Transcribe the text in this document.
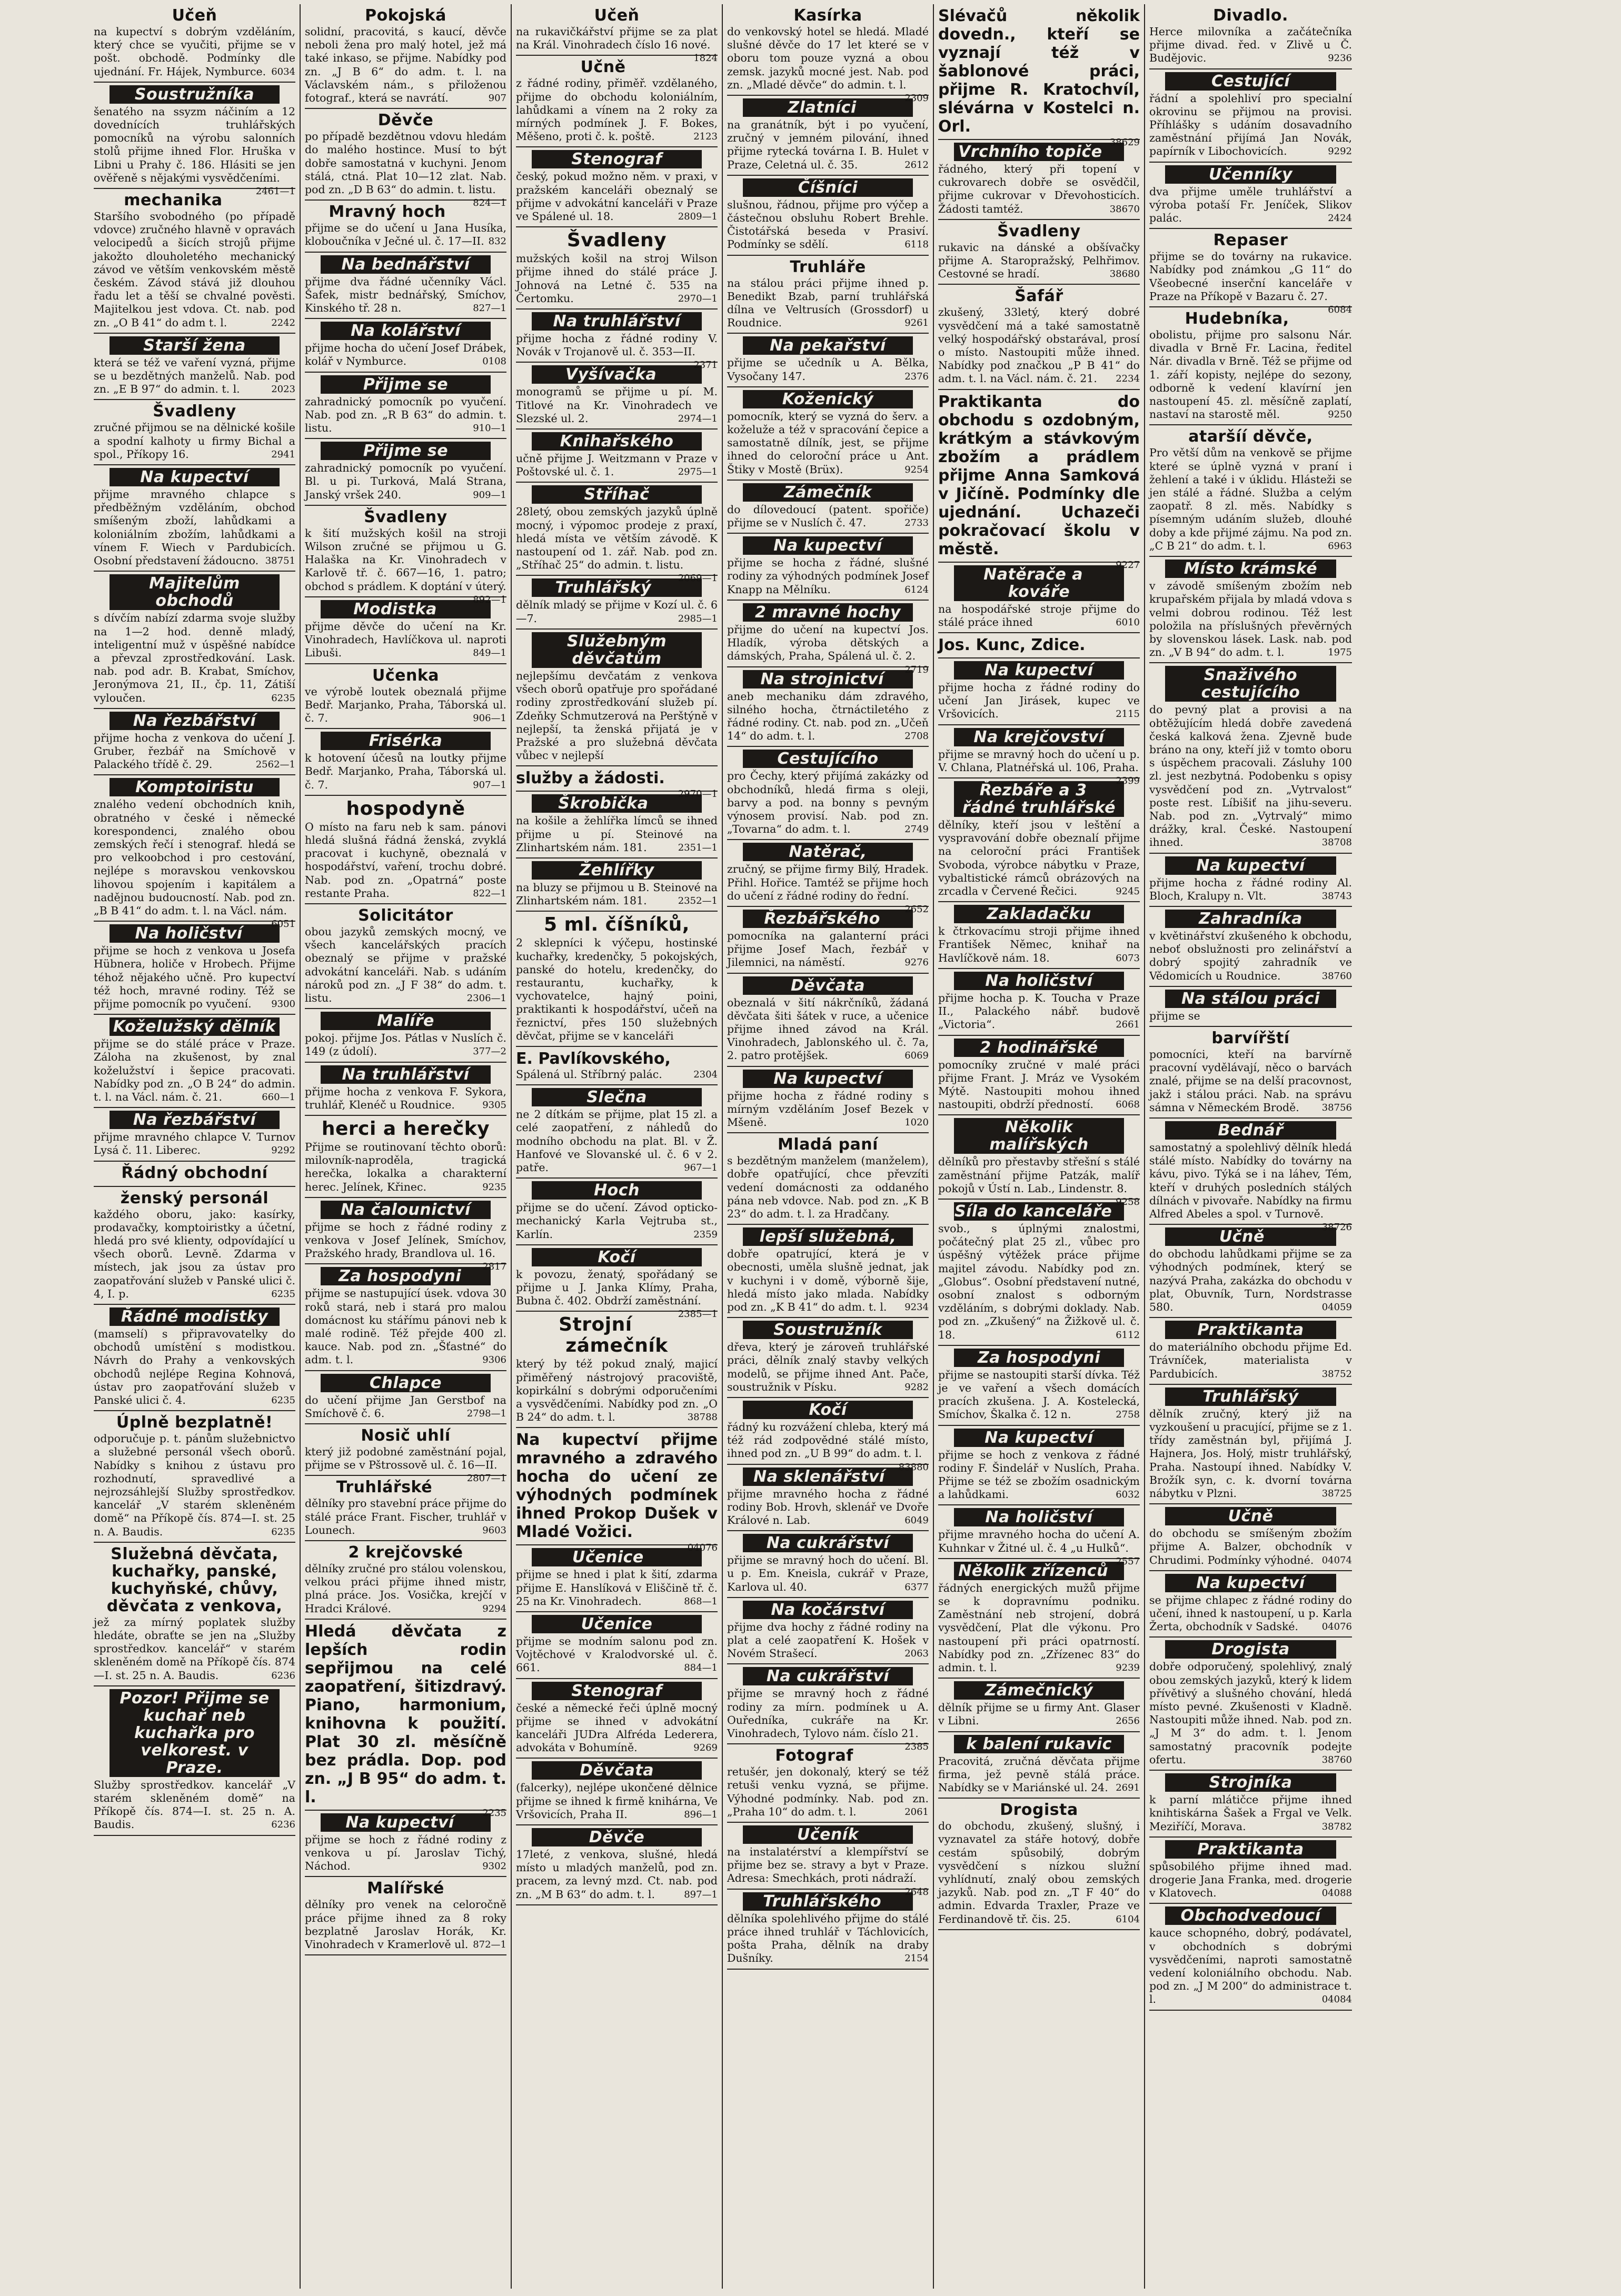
Učeň
na kupectví s dobrým vzděláním, který chce se vyučiti, přijme se v pošt. obchodě. Podmínky dle ujednání. Fr. Hájek, Nymburce. 6034
Soustružníka
šenatého na ssyzm náčiním a 12 dovednících truhlářských pomocníků na výrobu salonních stolů přijme ihned Flor. Hruška v Libni u Prahy č. 186. Hlásiti se jen ověřeně s nějakými vysvědčeními.
2461—1
mechanika
Staršího svobodného (po případě vdovce) zručného hlavně v opravách velocipedů a šicích strojů přijme jakožto dlouholetého mechanický závod ve větším venkovském městě českém. Závod stává již dlouhou řadu let a těší se chvalné pověsti. Majitelkou jest vdova. Ct. nab. pod zn. „O B 41“ do adm t. l.	2242
Starší žena
která se též ve vaření vyzná, přijme se u bezdětných manželů. Nab. pod zn. „E B 97“ do admin. t. l.	2023
Švadleny
zručné přijmou se na dělnické košile a spodní kalhoty u firmy Bichal a spol., Příkopy 16.	2941
Na kupectví
přijme mravného chlapce s předběžným vzděláním, obchod smíšeným zboží, lahůdkami a koloniálním zbožím, lahůdkami a vínem F. Wiech v Pardubicích. Osobní představení žádoucno. 38751
Majitelům obchodů
s dívčím nabízí zdarma svoje služby na 1—2 hod. denně mladý, inteligentní muž v úspěšné nabídce a převzal zprostředkování. Lask. nab. pod adr. B. Krabat, Smíchov, Jeronýmova 21, II., čp. 11, Zátiší vyloučen.	6235
Na řezbářství
přijme hocha z venkova do učení J. Gruber, řezbář na Smíchově v Palackého třídě č. 29.	2562—1
Komptoiristu
znalého vedení obchodních knih, obratného v české i německé korespondenci, znalého obou zemských řečí i stenograf. hledá se pro velkoobchod i pro cestování, nejlépe s moravskou venkovskou lihovou spojením i kapitálem a nadějnou budoucností. Nab. pod zn. „B B 41“ do adm. t. l. na Václ. nám.
6051
Na holičství
přijme se hoch z venkova u Josefa Hübnera, holiče v Hrobech. Přijme téhož nějakého učně. Pro kupectví též hoch, mravné rodiny. Též se přijme pomocník po vyučení.	9300
Koželužský dělník
přijme se do stálé práce v Praze. Záloha na zkušenost, by znal koželužství i šepice pracovati. Nabídky pod zn. „O B 24“ do admin. t. l. na Václ. nám. č. 21.	660—1
Na řezbářství
přijme mravného chlapce V. Turnov Lysá č. 11. Liberec.	9292
Řádný obchodní
ženský personál
každého oboru, jako: kasírky, prodavačky, komptoiristky a účetní, hledá pro své klienty, odpovídající u všech oborů. Levně. Zdarma v místech, jak jsou za ústav pro zaopatřování služeb v Panské ulici č. 4, I. p.	6235
Řádné modistky
(mamselí) s připravovatelky do obchodů umístění s modistkou. Návrh do Prahy a venkovských obchodů nejlépe Regina Kohnová, ústav pro zaopatřování služeb v Panské ulici č. 4.	6235
Úplně bezplatně!
odporučuje p. t. pánům služebnictvo a služebné personál všech oborů. Nabídky s knihou z ústavu pro rozhodnutí, spravedlivé a nejrozsáhlejší Služby sprostředkov. kancelář „V starém skleněném domě“ na Příkopě čís. 874—I. st. 25 n. A. Baudis.	6235
Služebná děvčata, kuchařky, panské, kuchyňské, chůvy, děvčata z venkova,
jež za mírný poplatek služby hledáte, obraťte se jen na „Služby sprostředkov. kancelář“ v starém skleněném domě na Příkopě čís. 874—I. st. 25 n. A. Baudis.	6236
Pozor! Přijme se kuchař neb kuchařka pro velkorest. v Praze.
Služby sprostředkov. kancelář „V starém skleněném domě“ na Příkopě čís. 874—I. st. 25 n. A. Baudis.	6236
Pokojská
solidní, pracovitá, s kaucí, děvče neboli žena pro malý hotel, jež má také inkaso, se přijme. Nabídky pod zn. „J B 6“ do adm. t. l. na Václavském nám., s přiloženou fotograf., která se navrátí.	907
Děvče
po případě bezdětnou vdovu hledám do malého hostince. Musí to být dobře samostatná v kuchyni. Jenom stálá, ctná. Plat 10—12 zlat. Nab. pod zn. „D B 63“ do admin. t. listu.
824—1
Mravný hoch
přijme se do učení u Jana Husíka, kloboučníka v Ječné ul. č. 17—II. 832
Na bednářství
přijme dva řádné učenníky Václ. Šafek, mistr bednářský, Smíchov, Kinského tř. 28 n.	827—1
Na kolářství
přijme hocha do učení Josef Drábek, kolář v Nymburce.	0108
Přijme se
zahradnický pomocník po vyučení. Nab. pod zn. „R B 63“ do admin. t. listu.	910—1
Přijme se
zahradnický pomocník po vyučení. Bl. u pi. Turková, Malá Strana, Janský vršek 240.	909—1
Švadleny
k šití mužských košil na stroji Wilson zručné se přijmou u G. Halaška na Kr. Vinohradech v Karlově tř. č. 667—16, 1. patro; obchod s prádlem. K doptání v úterý.
892—1
Modistka
přijme děvče do učení na Kr. Vinohradech, Havlíčkova ul. naproti Libuši.	849—1
Učenka
ve výrobě loutek obeznalá přijme Bedř. Marjanko, Praha, Táborská ul. č. 7.	906—1
Frisérka
k hotovení účesů na loutky přijme Bedř. Marjanko, Praha, Táborská ul. č. 7.	907—1
hospodyně
O místo na faru neb k sam. pánovi hledá slušná řádná ženská, zvyklá pracovat i kuchyně, obeznalá v hospodářství, vaření, trochu dobré. Nab. pod zn. „Opatrná“ poste restante Praha.	822—1
Solicitátor
obou jazyků zemských mocný, ve všech kancelářských pracích obeznalý se přijme v pražské advokátní kanceláři. Nab. s udáním nároků pod zn. „J F 38“ do adm. t. listu.	2306—1
Malíře
pokoj. přijme Jos. Pátlas v Nuslích č. 149 (z údolí).	377—2
Na truhlářství
přijme hocha z venkova F. Sykora, truhlář, Klenéč u Roudnice.	9305
herci a herečky
Přijme se routinovaní těchto oborů: milovník-naproděla, tragická herečka, lokalka a charakterní herec. Jelínek, Křinec.	9235
Na čalounictví
přijme se hoch z řádné rodiny z venkova v Josef Jelínek, Smíchov, Pražského hrady, Brandlova ul. 16.
2817
Za hospodyni
přijme se nastupující úsek. vdova 30 roků stará, neb i stará pro malou domácnost ku stářímu pánovi neb k malé rodině. Též přejde 400 zl. kauce. Nab. pod zn. „Šťastné“ do adm. t. l.	9306
Chlapce
do učení přijme Jan Gerstbof na Smíchově č. 6.	2798—1
Nosič uhlí
který již podobné zaměstnání pojal, přijme se v Pštrossově ul. č. 16—II.
2807—1
Truhlářské
dělníky pro stavební práce přijme do stálé práce Frant. Fischer, truhlář v Lounech.	9603
2 krejčovské
dělníky zručné pro stálou volenskou, velkou práci přijme ihned mistr, plná práce. Jos. Vosička, krejčí v Hradci Králové.	9294
Hledá děvčata z lepších rodin sepřijmou na celé zaopatření, šitizdravý. Piano, harmonium, knihovna k použití. Plat 30 zl. měsíčně bez prádla. Dop. pod zn. „J B 95“ do adm. t. l.
2235
Na kupectví
přijme se hoch z řádné rodiny z venkova u pí. Jaroslav Tichý, Náchod.	9302
Malířské
dělníky pro venek na celoročně práce přijme ihned za 8 roky bezplatně Jaroslav Horák, Kr. Vinohradech v Kramerlově ul. 872—1
Učeň
na rukavičkářství přijme se za plat na Král. Vinohradech číslo 16 nové.
1824
Učně
z řádné rodiny, přiměř. vzdělaného, přijme do obchodu koloniálním, lahůdkami a vínem na 2 roky za mírných podmínek J. F. Bokes, Měšeno, proti č. k. poště.	2123
Stenograf
český, pokud možno něm. v praxi, v pražském kanceláři obeznalý se přijme v advokátní kanceláři v Praze ve Spálené ul. 18.	2809—1
Švadleny
mužských košil na stroj Wilson přijme ihned do stálé práce J. Johnová na Letné č. 535 na Čertomku.	2970—1
Na truhlářství
přijme hocha z řádné rodiny V. Novák v Trojanově ul. č. 353—II.
2371
Vyšívačka
monogramů se přijme u pí. M. Titlové na Kr. Vinohradech ve Slezské ul. 2.	2974—1
Knihařského
učně přijme J. Weitzmann v Praze v Poštovské ul. č. 1.	2975—1
Stříhač
28letý, obou zemských jazyků úplně mocný, i výpomoc prodeje z praxí, hledá místa ve větším závodě. K nastoupení od 1. zář. Nab. pod zn. „Stříhač 25“ do admin. t. listu.
2069—1
Truhlářský
dělník mladý se přijme v Kozí ul. č. 6—7.	2985—1
Služebným děvčatům
nejlepšímu devčatám z venkova všech oborů opatřuje pro spořádané rodiny zprostředkování služeb pí. Zdeňky Schmutzerová na Perštýně v nejlepší, ta ženská přijatá je v Pražské a pro služebná děvčata vůbec v nejlepší
služby a žádosti.
2970—1
Škrobička
na košile a žehlířka límců se ihned přijme u pí. Steinové na Zlinhartském nám. 181.	2351—1
Žehlířky
na bluzy se přijmou u B. Steinové na Zlinhartském nám. 181.	2352—1
5 ml. číšníků,
2 sklepníci k výčepu, hostinské kuchařky, kredenčky, 5 pokojských, panské do hotelu, kredenčky, do restaurantu, kuchařky, k vychovatelce, hajný poini, praktikanti k hospodářství, učeň na řeznictví, přes 150 služebných děvčat, přijme se v kanceláři
E. Pavlíkovského,
Spálená ul. Stříbrný palác.	2304
Slečna
ne 2 dítkám se přijme, plat 15 zl. a celé zaopatření, z náhledů do modního obchodu na plat. Bl. v Ž. Hanfové ve Slovanské ul. č. 6 v 2. patře.	967—1
Hoch
přijme se do učení. Závod opticko-mechanický Karla Vejtruba st., Karlín.	2359
Kočí
k povozu, ženatý, spořádaný se přijme u J. Janka Klímy, Praha, Bubna č. 402. Obdrží zaměstnání.
2385—1
Strojní zámečník
který by též pokud znalý, majicí přiměřený nástrojový pracoviště, kopirkální s dobrými odporučeními a vysvědčeními. Nabídky pod zn. „O B 24“ do adm. t. l.	38788
Na kupectví přijme mravného a zdravého hocha do učení ze výhodných podmínek ihned Prokop Dušek v Mladé Vožici.
04076
Učenice
přijme se hned i plat k šití, zdarma přijme E. Hanslíková v Eliščině tř. č. 25 na Kr. Vinohradech.	868—1
Učenice
přijme se modním salonu pod zn. Vojtěchové v Kralodvorské ul. č. 661.	884—1
Stenograf
české a německé řeči úplně mocný přijme se ihned v advokátní kanceláři JUDra Alfréda Lederera, advokáta v Bohumíně.	9269
Děvčata
(falcerky), nejlépe ukončené dělnice přijme se ihned k firmě knihárna, Ve Vršovicích, Praha II.	896—1
Děvče
17leté, z venkova, slušné, hledá místo u mladých manželů, pod zn. pracem, za levný mzd. Ct. nab. pod zn. „M B 63“ do adm. t. l.	897—1
Kasírka
do venkovský hotel se hledá. Mladé slušné děvče do 17 let které se v oboru tom pouze vyzná a obou zemsk. jazyků mocné jest. Nab. pod zn. „Mladé děvče“ do admin. t. l.
2309
Zlatníci
na granátník, být i po vyučení, zručný v jemném pilování, ihned přijme rytecká továrna I. B. Hulet v Praze, Celetná ul. č. 35.	2612
Číšníci
slušnou, řádnou, přijme pro výčep a částečnou obsluhu Robert Brehle. Čistotářská beseda v Prasiví. Podmínky se sdělí.	6118
Truhláře
na stálou práci přijme ihned p. Benedikt Bzab, parní truhlářská dílna ve Veltrusích (Grossdorf) u Roudnice.	9261
Na pekařství
přijme se učedník u A. Bělka, Vysočany 147.	2376
Koženický
pomocník, který se vyzná do šerv. a koželuže a též v spracování čepice a samostatně dílník, jest, se přijme ihned do celoroční práce u Ant. Štiky v Mostě (Brüx).	9254
Zámečník
do dílovedoucí (patent. spořiče) přijme se v Nuslích č. 47.	2733
Na kupectví
přijme se hocha z řádné, slušné rodiny za výhodných podmínek Josef Knapp na Mělníku.	6124
2 mravné hochy
přijme do učení na kupectví Jos. Hladík, výroba dětských a dámských, Praha, Spálená ul. č. 2.
2719
Na strojnictví
aneb mechaniku dám zdravého, silného hocha, čtrnáctiletého z řádné rodiny. Ct. nab. pod zn. „Učeň 14“ do adm. t. l.	2708
Cestujícího
pro Čechy, který přijímá zakázky od obchodníků, hledá firma s oleji, barvy a pod. na bonny s pevným výnosem provisí. Nab. pod zn. „Tovarna“ do adm. t. l.	2749
Natěrač,
zručný, se přijme firmy Bilý, Hradek. Přihl. Hořice. Tamtéž se přijme hoch do učení z řádné rodiny do řední.
2652
Řezbářského
pomocníka na galanterní práci přijme Josef Mach, řezbář v Jilemnici, na náměstí.	9276
Děvčata
obeznalá v šití nákrčníků, žádaná děvčata šiti šátek v ruce, a učenice přijme ihned závod na Král. Vinohradech, Jablonského ul. č. 7a, 2. patro protějšek.	6069
Na kupectví
přijme hocha z řádné rodiny s mírným vzděláním Josef Bezek v Mšeně.	1020
Mladá paní
s bezdětným manželem (manželem), dobře opatřující, chce převzíti vedení domácnosti za oddaného pána neb vdovce. Nab. pod zn. „K B 23“ do adm. t. l. za Hradčany.
lepší služebná,
dobře opatrující, která je v obecnosti, uměla slušně jednat, jak v kuchyni i v domě, výborně šije, hledá místo jako mlada. Nabídky pod zn. „K B 41“ do adm. t. l.	9234
Soustružník
dřeva, který je zároveň truhlářské práci, dělník znalý stavby velkých modelů, se přijme ihned Ant. Pače, soustružnik v Písku.	9282
Kočí
řádný ku rozvážení chleba, který má též rád zodpovědné stálé místo, ihned pod zn. „U B 99“ do adm. t. l.
83880
Na sklenářství
přijme mravného hocha z řádné rodiny Bob. Hrovh, sklenář ve Dvoře Králové n. Lab.	6049
Na cukrářství
přijme se mravný hoch do učení. Bl. u p. Em. Kneisla, cukrář v Praze, Karlova ul. 40.	6377
Na kočárství
přijme dva hochy z řádné rodiny na plat a celé zaopatření K. Hošek v Novém Strašecí.	2063
Na cukrářství
přijme se mravný hoch z řádné rodiny za mírn. podmínek u A. Ouředníka, cukráře na Kr. Vinohradech, Tylovo nám. číslo 21.
2385
Fotograf
retušér, jen dokonalý, který se též retuši venku vyzná, se přijme. Výhodné podmínky. Nab. pod zn. „Praha 10“ do adm. t. l.	2061
Učeník
na instalatérství a klempířství se přijme bez se. stravy a byt v Praze. Adresa: Smechkách, proti nádraží.
2648
Truhlářského
dělníka spolehlivého přijme do stálé práce ihned truhlář v Táchlovicích, pošta Praha, dělník na draby Dušníky.	2154
Slévačů několik dovedn., kteří se vyznají též v šablonové práci, přijme R. Kratochvíl, slévárna v Kostelci n. Orl.
38629
Vrchního topiče
řádného, který při topení v cukrovarech dobře se osvědčil, přijme cukrovar v Dřevohosticích. Žádosti tamtéž.	38670
Švadleny
rukavic na dánské a obšívačky přijme A. Staropražský, Pelhřimov. Cestovné se hradí.	38680
Šafář
zkušený, 33letý, který dobré vysvědčení má a také samostatně velký hospodářský obstarával, prosí o místo. Nastoupiti může ihned. Nabídky pod značkou „P B 41“ do adm. t. l. na Václ. nám. č. 21.	2234
Praktikanta do obchodu s ozdobným, krátkým a stávkovým zbožím a prádlem přijme Anna Samková v Jičíně. Podmínky dle ujednání. Uchazeči pokračovací školu v městě.
9227
Natěrače a kováře
na hospodářské stroje přijme do stálé práce ihned	6010
Jos. Kunc, Zdice.
Na kupectví
přijme hocha z řádné rodiny do učení Jan Jirásek, kupec ve Vršovicích.	2115
Na krejčovství
přijme se mravný hoch do učení u p. V. Chlana, Platnéřská ul. 106, Praha.
2399
Řezbáře a 3 řádné truhlářské
dělníky, kteří jsou v leštění a vyspravování dobře obeznalí přijme na celoroční práci František Svoboda, výrobce nábytku v Praze, vybaltistické rámců obrázových na zrcadla v Červené Řečici.	9245
Zakladačku
k čtrkovacímu stroji přijme ihned František Němec, knihař na Havlíčkově nám. 18.	6073
Na holičství
přijme hocha p. K. Toucha v Praze II., Palackého nábř. budově „Victoria“.	2661
2 hodinářské
pomocníky zručné v malé práci přijme Frant. J. Mráz ve Vysokém Mýtě. Nastoupiti mohou ihned nastoupiti, obdrží předností.	6068
Několik malířských
dělníků pro přestavby střešní s stálé zaměstnání přijme Patzák, malíř pokojů v Ústí n. Lab., Lindenstr. 8.
9258
Síla do kanceláře
svob., s úplnými znalostmi, počátečný plat 25 zl., vůbec pro úspěšný výtěžek práce přijme majitel závodu. Nabídky pod zn. „Globus“. Osobní představení nutné, osobní znalost s odborným vzděláním, s dobrými doklady. Nab. pod zn. „Zkušený“ na Žižkově ul. č. 18.	6112
Za hospodyni
přijme se nastoupiti starší dívka. Též je ve vaření a všech domácích pracích zkušena. J. A. Kostelecká, Smíchov, Škalka č. 12 n.	2758
Na kupectví
přijme se hoch z venkova z řádné rodiny F. Šindelář v Nuslích, Praha. Přijme se též se zbožím osadnickým a lahůdkami.	6032
Na holičství
přijme mravného hocha do učení A. Kuhnkar v Žitné ul. č. 4 „u Hulků“.
2557
Několik zřízenců
řádných energických mužů přijme se k dopravnímu podniku. Zaměstnání neb strojení, dobrá vysvědčení, Plat dle výkonu. Pro nastoupení při práci opatrností. Nabídky pod zn. „Zřízenec 83“ do admin. t. l.	9239
Zámečnický
dělník přijme se u firmy Ant. Glaser v Libni.	2656
k balení rukavic
Pracovitá, zručná děvčata přijme firma, jež pevně stálá práce. Nabídky se v Mariánské ul. 24. 2691
Drogista
do obchodu, zkušený, slušný, i vyznavatel za stáře hotový, dobře cestám spůsobilý, dobrým vysvědčení s nízkou služní vyhlídnutí, znalý obou zemských jazyků. Nab. pod zn. „T F 40“ do admin. Edvarda Traxler, Praze ve Ferdinandově tř. čis. 25.	6104
Divadlo.
Herce milovníka a začátečníka přijme divad. řed. v Zlivě u Č. Budějovic.	9236
Cestující
řádní a spolehliví pro specialní okrovinu se přijmou na provisi. Příhlášky s udáním dosavadního zaměstnání přijímá Jan Novák, papírník v Libochovicích.	9292
Učenníky
dva přijme uměle truhlářství a výroba potaší Fr. Jeníček, Slikov palác.	2424
Repaser
přijme se do továrny na rukavice. Nabídky pod známkou „G 11“ do Všeobecné inserční kanceláře v Praze na Příkopě v Bazaru č. 27.
6084
Hudebníka,
obolistu, přijme pro salsonu Nár. divadla v Brně Fr. Lacina, ředitel Nár. divadla v Brně. Též se přijme od 1. září kopisty, nejlépe do sezony, odborně k vedení klavírní jen nastoupení 45. zl. měsíčně zaplatí, nastaví na starostě měl.	9250
ataršíí děvče,
Pro větší dům na venkově se přijme které se úplně vyzná v praní i žehlení a také i v úklidu. Hlásteži se jen stálé a řádné. Služba a celým zaopatř. 8 zl. měs. Nabídky s písemným udáním služeb, dlouhé doby a kde přijmé zájmu. Na pod zn. „C B 21“ do adm. t. l.	6963
Místo krámské
v závodě smíšeným zbožím neb krupařském přijala by mladá vdova s velmi dobrou rodinou. Též lest položila na příslušných převěrných by slovenskou lásek. Lask. nab. pod zn. „V B 94“ do adm. t. l.	1975
Snaživého cestujícího
do pevný plat a provisi a na obtěžujícím hledá dobře zavedená česká kalková žena. Zjevně bude bráno na ony, kteří již v tomto oboru s úspěchem pracovali. Zásluhy 100 zl. jest nezbytná. Podobenku s opisy vysvědčení pod zn. „Vytrvalost“ poste rest. Líbišiť na jihu-severu. Nab. pod zn. „Vytrvalý“ mimo drážky, kral. České. Nastoupení ihned.	38708
Na kupectví
přijme hocha z řádné rodiny Al. Bloch, Kralupy n. Vlt.	38743
Zahradníka
v květinářství zkušeného k obchodu, neboť obslužnosti pro zelinářství a dobrý spojitý zahradník ve Vědomicích u Roudnice.	38760
Na stálou práci
přijme se
barvířští
pomocníci, kteří na barvírně pracovní vydělávají, něco o barvách znalé, přijme se na delší pracovnost, jakž i stálou práci. Nab. na správu sámna v Německém Brodě.	38756
Bednář
samostatný a spolehlivý dělník hledá stálé místo. Nabídky do továrny na kávu, pivo. Týká se i na láhev, Tém, kteří v druhých posledních stálých dílnách v pivovaře. Nabídky na firmu Alfred Abeles a spol. v Turnově.
38726
Učně
do obchodu lahůdkami přijme se za výhodných podmínek, který se nazývá Praha, zakázka do obchodu v plat, Obuvník, Turn, Nordstrasse 580.	04059
Praktikanta
do materiálního obchodu přijme Ed. Trávníček, materialista v Pardubicích.	38752
Truhlářský
dělník zručný, který již na vyzkoušení u pracující, přijme se z 1. třídy zaměstnán byl, přijímá J. Hajnera, Jos. Holý, mistr truhlářský, Praha. Nastoupí ihned. Nabídky V. Brožík syn, c. k. dvorní továrna nábytku v Plzni.	38725
Učně
do obchodu se smíšeným zbožím přijme A. Balzer, obchodník v Chrudimi. Podmínky výhodné. 04074
Na kupectví
se přijme chlapec z řádné rodiny do učení, ihned k nastoupení, u p. Karla Žerta, obchodník v Sadské.	04076
Drogista
dobře odporučený, spolehlivý, znalý obou zemských jazyků, který k lidem přívětivý a slušného chování, hledá místo pevné. Zkušenosti v Kladně. Nastoupiti může ihned. Nab. pod zn. „J M 3“ do adm. t. l. Jenom samostatný pracovník podejte ofertu.	38760
Strojníka
k parní mlátičce přijme ihned knihtiskárna Šašek a Frgal ve Velk. Meziříčí, Morava.	38782
Praktikanta
spůsobilého přijme ihned mad. drogerie Jana Franka, med. drogerie v Klatovech.	04088
Obchodvedoucí
kauce schopného, dobrý, podávatel, v obchodních s dobrými vysvědčeními, naproti samostatně vedení koloniálního obchodu. Nab. pod zn. „J M 200“ do administrace t. l.	04084
